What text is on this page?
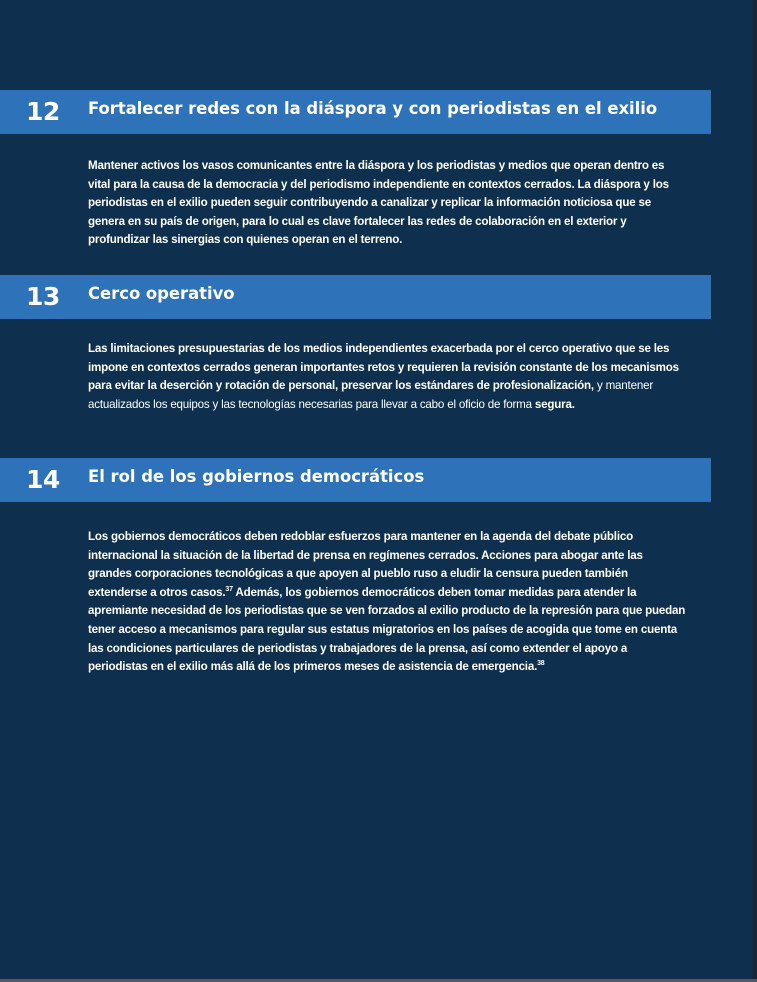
12 Fortalecer redes con la diáspora y con periodistas en el exilio

Mantener activos los vasos comunicantes entre la diáspora y los periodistas y medios que operan dentro es vital para la causa de la democracia y del periodismo independiente en contextos cerrados. La diáspora y los periodistas en el exilio pueden seguir contribuyendo a canalizar y replicar la información noticiosa que se genera en su país de origen, para lo cual es clave fortalecer las redes de colaboración en el exterior y profundizar las sinergias con quienes operan en el terreno.

13 Cerco operativo

Las limitaciones presupuestarias de los medios independientes exacerbada por el cerco operativo que se les impone en contextos cerrados generan importantes retos y requieren la revisión constante de los mecanismos para evitar la deserción y rotación de personal, preservar los estándares de profesionalización, y mantener actualizados los equipos y las tecnologías necesarias para llevar a cabo el oficio de forma segura.

14 El rol de los gobiernos democráticos

Los gobiernos democráticos deben redoblar esfuerzos para mantener en la agenda del debate público internacional la situación de la libertad de prensa en regímenes cerrados. Acciones para abogar ante las grandes corporaciones tecnológicas a que apoyen al pueblo ruso a eludir la censura pueden también extenderse a otros casos.$^{37}$ Además, los gobiernos democráticos deben tomar medidas para atender la apremiante necesidad de los periodistas que se ven forzados al exilio producto de la represión para que puedan tener acceso a mecanismos para regular sus estatus migratorios en los países de acogida que tome en cuenta las condiciones particulares de periodistas y trabajadores de la prensa, así como extender el apoyo a periodistas en el exilio más allá de los primeros meses de asistencia de emergencia.$^{38}$
